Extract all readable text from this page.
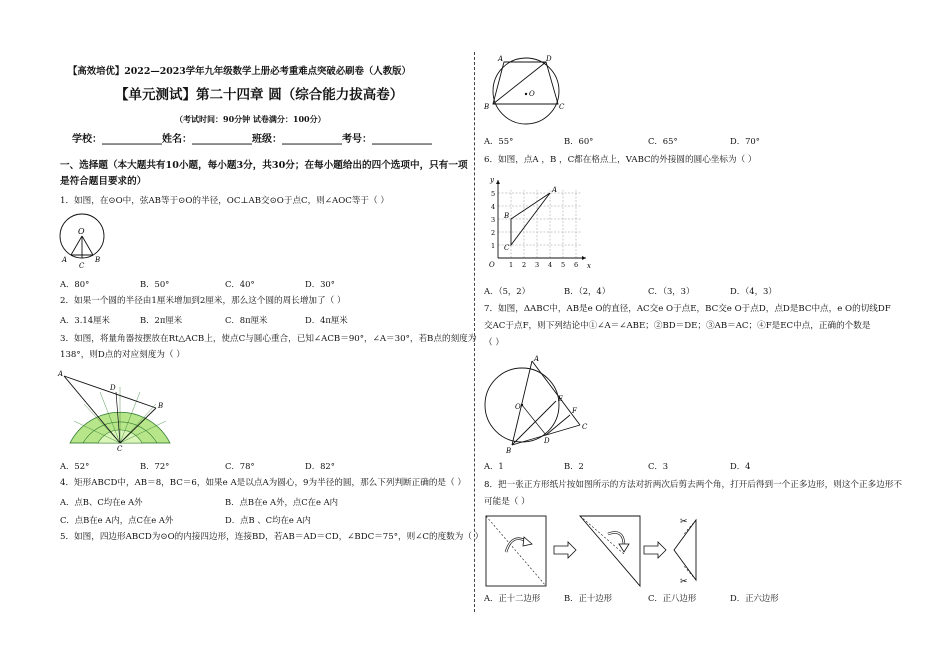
【高效培优】2022—2023学年九年级数学上册必考重难点突破必刷卷（人教版）
【单元测试】第二十四章 圆（综合能力拔高卷）
（考试时间：90分钟 试卷满分：100分）
学校：____________姓名：____________班级：____________考号：____________
一、选择题（本大题共有10小题，每小题3分，共30分；在每小题给出的四个选项中，只有一项
是符合题目要求的）
1．如图，在⊙O中，弦AB等于⊙O的半径，OC⊥AB交⊙O于点C，则∠AOC等于（ ）
O
A	B
C
A．80°	B．50°	C．40°	D．30°
2．如果一个圆的半径由1厘米增加到2厘米，那么这个圆的周长增加了（ ）
A．3.14厘米	B．2π厘米	C．8π厘米	D．4π厘米
3．如图，将量角器按摆放在Rt△ACB上，使点C与圆心重合，已知∠ACB＝90°，∠A＝30°，若B点的刻度为
138°，则D点的对应刻度为（ ）
A
D
B
C
A．52°	B．72°	C．78°	D．82°
4．矩形ABCD中，AB＝8，BC＝6，如果e A是以点A为圆心，9为半径的圆，那么下列判断正确的是（ ）
A．点B、C均在e A外	B．点B在e A外，点C在e A内
C．点B在e A内，点C在e A外	D．点B 、C均在e A内
5．如图，四边形ABCD为⊙O的内接四边形，连接BD，若AB＝AD＝CD，∠BDC＝75°，则∠C的度数为（ ）
A	D
O
B	C
A．55°	B．60°	C．65°	D．70°
6．如图，点A ，B ，C都在格点上，VABC的外接圆的圆心坐标为（ ）
y
x
O
A
B
C
1 2 3 4 5 6
1
2
3
4
5
A．（5，2）	B．（2，4）	C．（3，3）	D．（4，3）
7．如图，ΔABC中，AB是e O的直径，AC交e O于点E，BC交e O于点D，点D是BC中点，e O的切线DF
交AC于点F，则下列结论中①∠A＝∠ABE；②BD＝DE；③AB＝AC；④F是EC中点，正确的个数是
（ ）
A
O
E
F
D
C
B
A．1	B．2	C．3	D．4
8．把一张正方形纸片按如图所示的方法对折两次后剪去两个角，打开后得到一个正多边形，则这个正多边形不
可能是（ ）
✂
✂
A．正十二边形	B．正十边形	C．正八边形	D．正六边形
